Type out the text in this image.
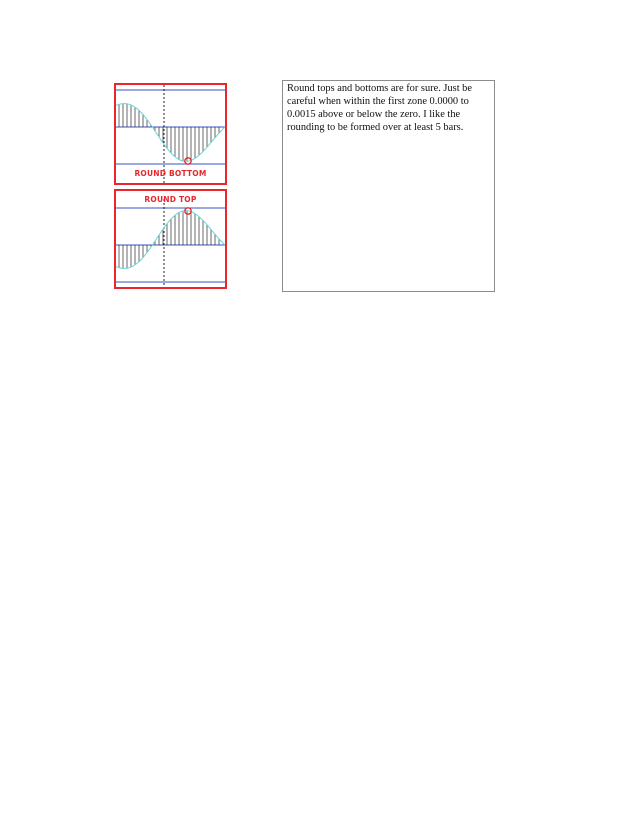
ROUND BOTTOM
ROUND TOP
Round tops and bottoms are for sure. Just be careful when within the first zone 0.0000 to 0.0015 above or below the zero. I like the rounding to be formed over at least 5 bars.
